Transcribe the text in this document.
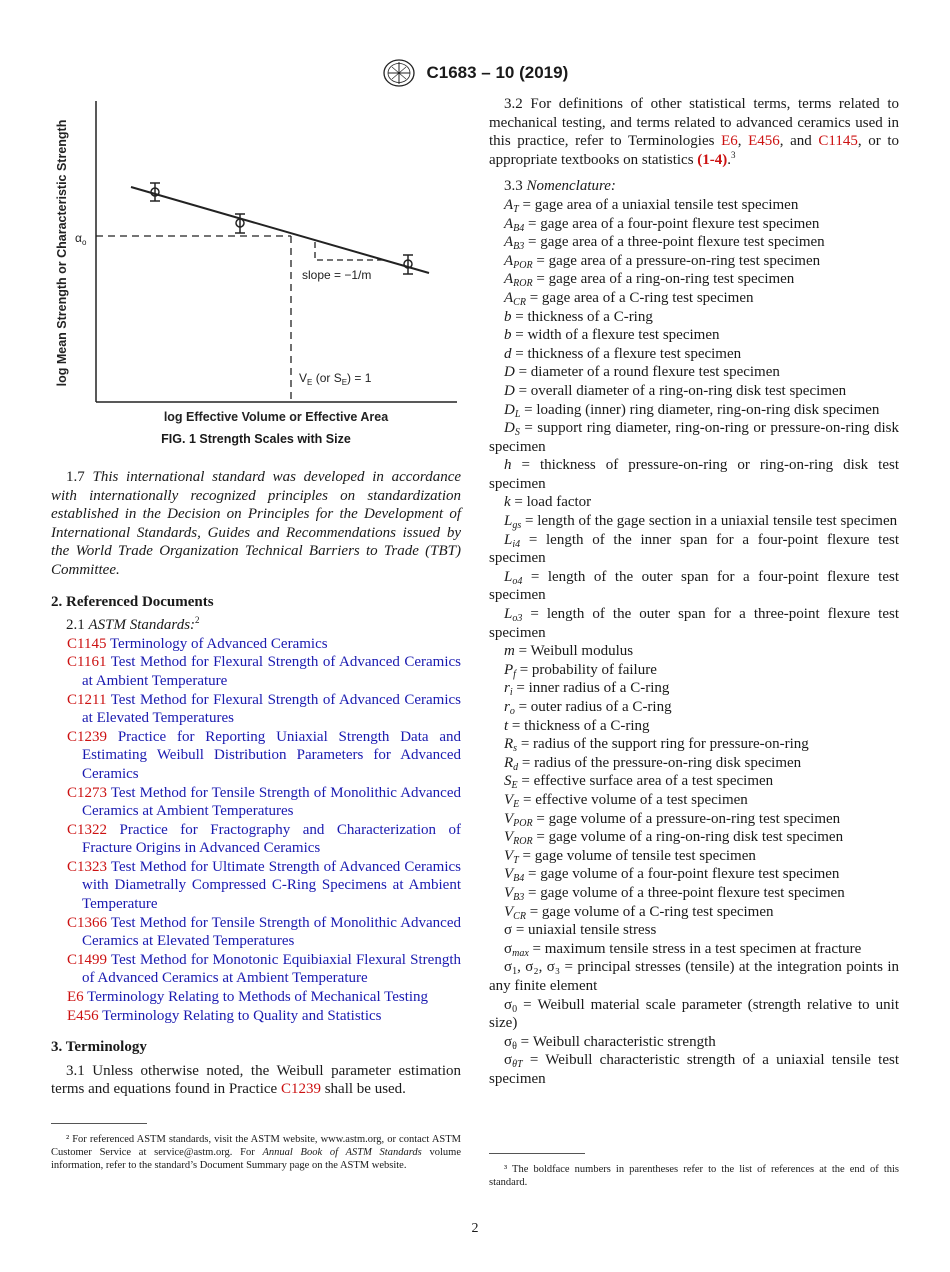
C1683 – 10 (2019)
log Mean Strength or Characteristic Strength
log Effective Volume or Effective Area
$\alpha_o$
slope = −1/m
$V_E$ (or $S_E) = 1$
FIG. 1 Strength Scales with Size

1.7 This international standard was developed in accordance with internationally recognized principles on standardization established in the Decision on Principles for the Development of International Standards, Guides and Recommendations issued by the World Trade Organization Technical Barriers to Trade (TBT) Committee.

2. Referenced Documents

2.1 ASTM Standards:$^2$

C1145 Terminology of Advanced Ceramics

C1161 Test Method for Flexural Strength of Advanced Ceramics at Ambient Temperature

C1211 Test Method for Flexural Strength of Advanced Ceramics at Elevated Temperatures

C1239 Practice for Reporting Uniaxial Strength Data and Estimating Weibull Distribution Parameters for Advanced Ceramics

C1273 Test Method for Tensile Strength of Monolithic Advanced Ceramics at Ambient Temperatures

C1322 Practice for Fractography and Characterization of Fracture Origins in Advanced Ceramics

C1323 Test Method for Ultimate Strength of Advanced Ceramics with Diametrally Compressed C-Ring Specimens at Ambient Temperature

C1366 Test Method for Tensile Strength of Monolithic Advanced Ceramics at Elevated Temperatures

C1499 Test Method for Monotonic Equibiaxial Flexural Strength of Advanced Ceramics at Ambient Temperature

E6 Terminology Relating to Methods of Mechanical Testing

E456 Terminology Relating to Quality and Statistics

3. Terminology

3.1 Unless otherwise noted, the Weibull parameter estimation terms and equations found in Practice C1239 shall be used.

² For referenced ASTM standards, visit the ASTM website, www.astm.org, or contact ASTM Customer Service at service@astm.org. For Annual Book of ASTM Standards volume information, refer to the standard’s Document Summary page on the ASTM website.

3.2 For definitions of other statistical terms, terms related to mechanical testing, and terms related to advanced ceramics used in this practice, refer to Terminologies E6, E456, and C1145, or to appropriate textbooks on statistics (1-4).$^3$

3.3 Nomenclature:

$A_T$ = gage area of a uniaxial tensile test specimen

$A_{B4}$ = gage area of a four-point flexure test specimen

$A_{B3}$ = gage area of a three-point flexure test specimen

$A_{POR}$ = gage area of a pressure-on-ring test specimen

$A_{ROR}$ = gage area of a ring-on-ring test specimen

$A_{CR}$ = gage area of a C-ring test specimen

b = thickness of a C-ring

b = width of a flexure test specimen

d = thickness of a flexure test specimen

D = diameter of a round flexure test specimen

D = overall diameter of a ring-on-ring disk test specimen

$D_L$ = loading (inner) ring diameter, ring-on-ring disk specimen

$D_S$ = support ring diameter, ring-on-ring or pressure-on-ring disk specimen

h = thickness of pressure-on-ring or ring-on-ring disk test specimen

k = load factor

$L_{gs}$ = length of the gage section in a uniaxial tensile test specimen

$L_{i4}$ = length of the inner span for a four-point flexure test specimen

$L_{o4}$ = length of the outer span for a four-point flexure test specimen

$L_{o3}$ = length of the outer span for a three-point flexure test specimen

m = Weibull modulus

$P_f$ = probability of failure

$r_i$ = inner radius of a C-ring

$r_o$ = outer radius of a C-ring

t = thickness of a C-ring

$R_s$ = radius of the support ring for pressure-on-ring

$R_d$ = radius of the pressure-on-ring disk specimen

$S_E$ = effective surface area of a test specimen

$V_E$ = effective volume of a test specimen

$V_{POR}$ = gage volume of a pressure-on-ring test specimen

$V_{ROR}$ = gage volume of a ring-on-ring disk test specimen

$V_T$ = gage volume of tensile test specimen

$V_{B4}$ = gage volume of a four-point flexure test specimen

$V_{B3}$ = gage volume of a three-point flexure test specimen

$V_{CR}$ = gage volume of a C-ring test specimen

σ = uniaxial tensile stress

$\sigma_{max}$ = maximum tensile stress in a test specimen at fracture

$\sigma_1$, σ₂, σ₃ = principal stresses (tensile) at the integration points in any finite element

$\sigma_0$ = Weibull material scale parameter (strength relative to unit size)

$\sigma_\theta$ = Weibull characteristic strength

$\sigma_{\theta T}$ = Weibull characteristic strength of a uniaxial tensile test specimen

³ The boldface numbers in parentheses refer to the list of references at the end of this standard.
2
